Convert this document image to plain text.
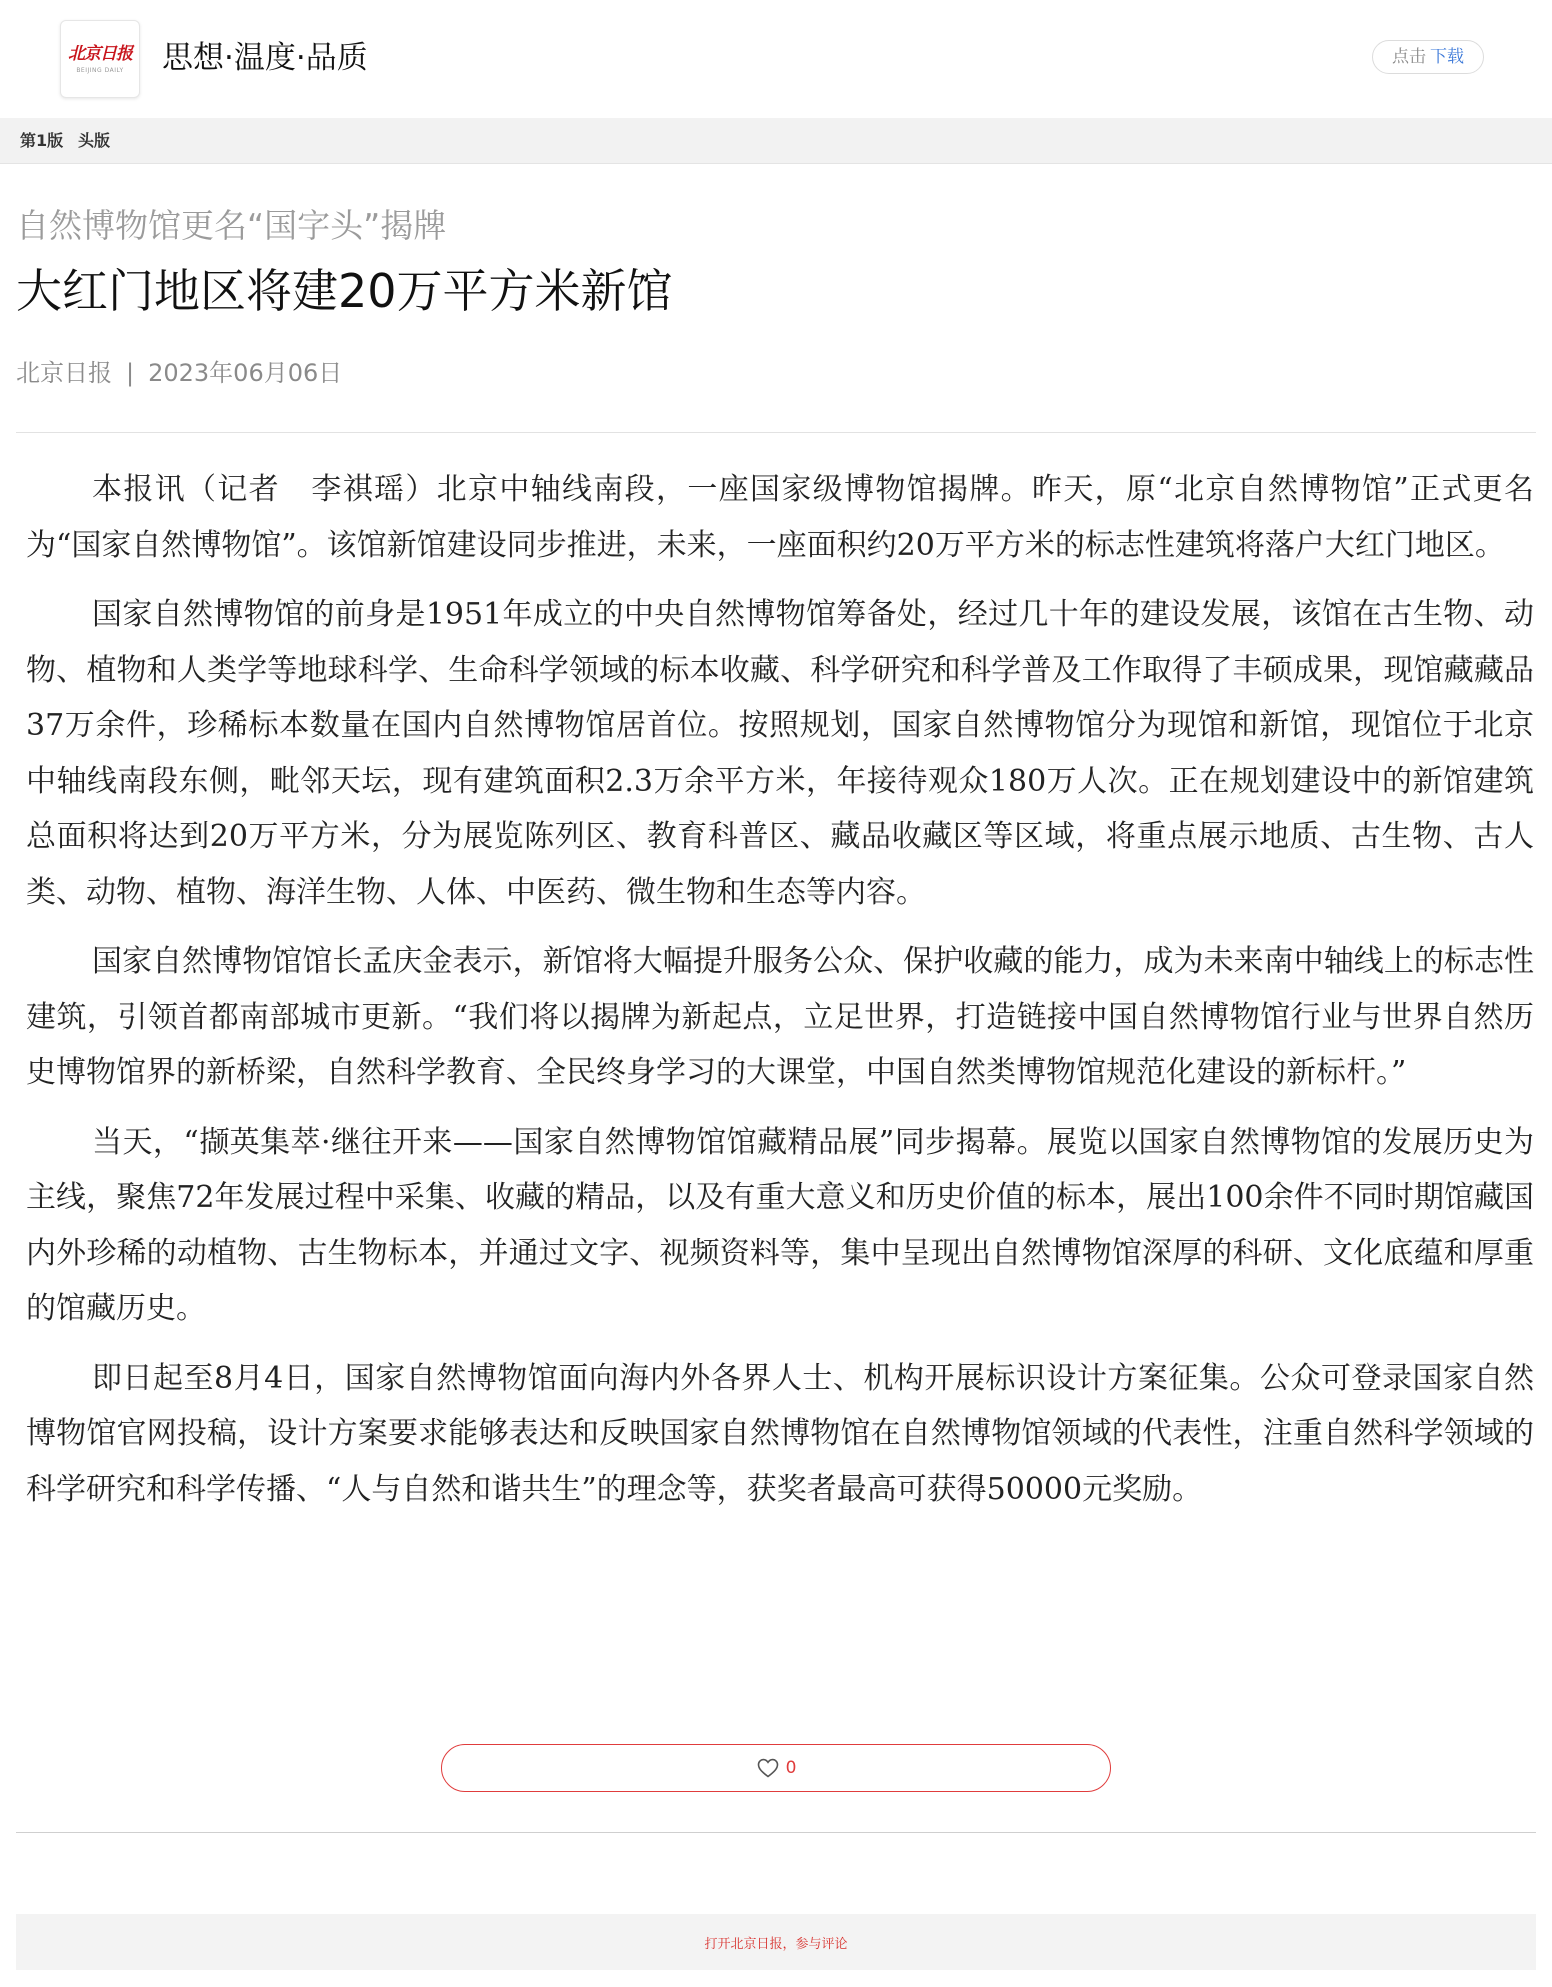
北京日报
BEIJING DAILY 思想·温度·品质	点击 下载
第1版 头版
自然博物馆更名“国字头”揭牌
大红门地区将建20万平方米新馆
北京日报 | 2023年06月06日

本报讯（记者　李祺瑶）北京中轴线南段，一座国家级博物馆揭牌。昨天，原“北京自然博物馆”正式更名为“国家自然博物馆”。该馆新馆建设同步推进，未来，一座面积约20万平方米的标志性建筑将落户大红门地区。

国家自然博物馆的前身是1951年成立的中央自然博物馆筹备处，经过几十年的建设发展，该馆在古生物、动物、植物和人类学等地球科学、生命科学领域的标本收藏、科学研究和科学普及工作取得了丰硕成果，现馆藏藏品37万余件，珍稀标本数量在国内自然博物馆居首位。按照规划，国家自然博物馆分为现馆和新馆，现馆位于北京中轴线南段东侧，毗邻天坛，现有建筑面积2.3万余平方米，年接待观众180万人次。正在规划建设中的新馆建筑总面积将达到20万平方米，分为展览陈列区、教育科普区、藏品收藏区等区域，将重点展示地质、古生物、古人类、动物、植物、海洋生物、人体、中医药、微生物和生态等内容。

国家自然博物馆馆长孟庆金表示，新馆将大幅提升服务公众、保护收藏的能力，成为未来南中轴线上的标志性建筑，引领首都南部城市更新。“我们将以揭牌为新起点，立足世界，打造链接中国自然博物馆行业与世界自然历史博物馆界的新桥梁，自然科学教育、全民终身学习的大课堂，中国自然类博物馆规范化建设的新标杆。”

当天，“撷英集萃·继往开来——国家自然博物馆馆藏精品展”同步揭幕。展览以国家自然博物馆的发展历史为主线，聚焦72年发展过程中采集、收藏的精品，以及有重大意义和历史价值的标本，展出100余件不同时期馆藏国内外珍稀的动植物、古生物标本，并通过文字、视频资料等，集中呈现出自然博物馆深厚的科研、文化底蕴和厚重的馆藏历史。

即日起至8月4日，国家自然博物馆面向海内外各界人士、机构开展标识设计方案征集。公众可登录国家自然博物馆官网投稿，设计方案要求能够表达和反映国家自然博物馆在自然博物馆领域的代表性，注重自然科学领域的科学研究和科学传播、“人与自然和谐共生”的理念等，获奖者最高可获得50000元奖励。

0
打开北京日报，参与评论
